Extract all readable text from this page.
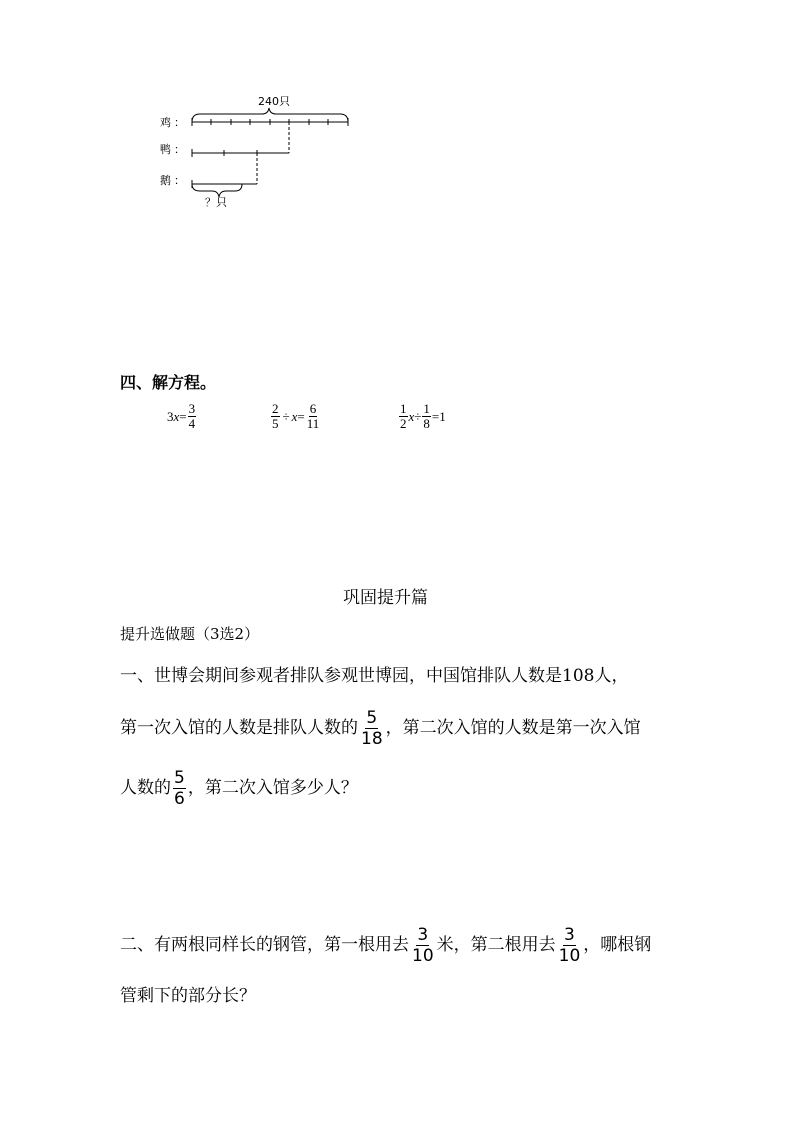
240只
鸡 ：
鸭 ：
鹅 ：
？只
四、解方程。
3 $x = \frac{3}{4}$	$\frac{2}{5} \div x = \frac{6}{11}$	$\frac{1}{2}$ $x \div \frac{1}{8} = 1$
巩固提升篇
提升选做题（3选2）
一、世博会期间参观者排队参观世博园，中国馆排队人数是108人，
第一次入馆的人数是排队人数的 $\frac{5}{18}$ ，第二次入馆的人数是第一次入馆
人数的 $\frac{5}{6}$ ，第二次入馆多少人？
二、有两根同样长的钢管，第一根用去 $\frac{3}{10}$ 米，第二根用去 $\frac{3}{10}$ ，哪根钢
管剩下的部分长？
